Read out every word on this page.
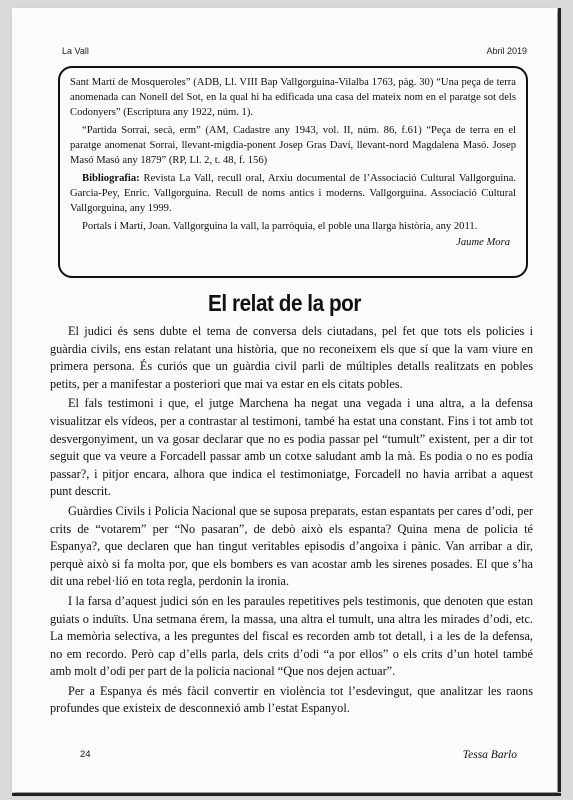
La Vall	Abril 2019

Sant Martí de Mosqueroles” (ADB, Ll. VIII Bap Vallgorguina-Vilalba 1763, pàg. 30) “Una peça de terra anomenada can Nonell del Sot, en la qual hi ha edificada una casa del mateix nom en el paratge sot dels Codonyers” (Escriptura any 1922, núm. 1).

“Partida Sorrai, secà, erm” (AM, Cadastre any 1943, vol. II, núm. 86, f.61) “Peça de terra en el paratge anomenat Sorrai, llevant-migdia-ponent Josep Gras Daví, llevant-nord Magdalena Masó. Josep Masó Masó any 1879” (RP, Ll. 2, t. 48, f. 156)

Bibliografia: Revista La Vall, recull oral, Arxiu documental de l’Associació Cultural Vallgorguina. Garcia-Pey, Enric. Vallgorguina. Recull de noms antics i moderns. Vallgorguina. Associació Cultural Vallgorguina, any 1999.

Portals i Martí, Joan. Vallgorguina la vall, la parròquia, el poble una llarga història, any 2011.

Jaume Mora
El relat de la por

El judici és sens dubte el tema de conversa dels ciutadans, pel fet que tots els policies i guàrdia civils, ens estan relatant una història, que no reconeixem els que sí que la vam viure en primera persona. És curiós que un guàrdia civil parli de múltiples detalls realitzats en pobles petits, per a manifestar a posteriori que mai va estar en els citats pobles.

El fals testimoni i que, el jutge Marchena ha negat una vegada i una altra, a la defensa visualitzar els vídeos, per a contrastar al testimoni, també ha estat una constant. Fins i tot amb tot desvergonyiment, un va gosar declarar que no es podia passar pel “tumult” existent, per a dir tot seguit que va veure a Forcadell passar amb un cotxe saludant amb la mà. Es podia o no es podia passar?, i pitjor encara, alhora que indica el testimoniatge, Forcadell no havia arribat a aquest punt descrit.

Guàrdies Civils i Policia Nacional que se suposa preparats, estan espantats per cares d’odi, per crits de “votarem” per “No pasaran”, de debò això els espanta? Quina mena de policia té Espanya?, que declaren que han tingut veritables episodis d’angoixa i pànic. Van arribar a dir, perquè això si fa molta por, que els bombers es van acostar amb les sirenes posades. El que s’ha dit una rebel·lió en tota regla, perdonin la ironia.

I la farsa d’aquest judici són en les paraules repetitives pels testimonis, que denoten que estan guiats o induïts. Una setmana érem, la massa, una altra el tumult, una altra les mirades d’odi, etc. La memòria selectiva, a les preguntes del fiscal es recorden amb tot detall, i a les de la defensa, no em recordo. Però cap d’ells parla, dels crits d’odi “a por ellos” o els crits d’un hotel també amb molt d’odi per part de la policia nacional “Que nos dejen actuar”.

Per a Espanya és més fàcil convertir en violència tot l’esdevingut, que analitzar les raons profundes que existeix de desconnexió amb l’estat Espanyol.

24	Tessa Barlo
